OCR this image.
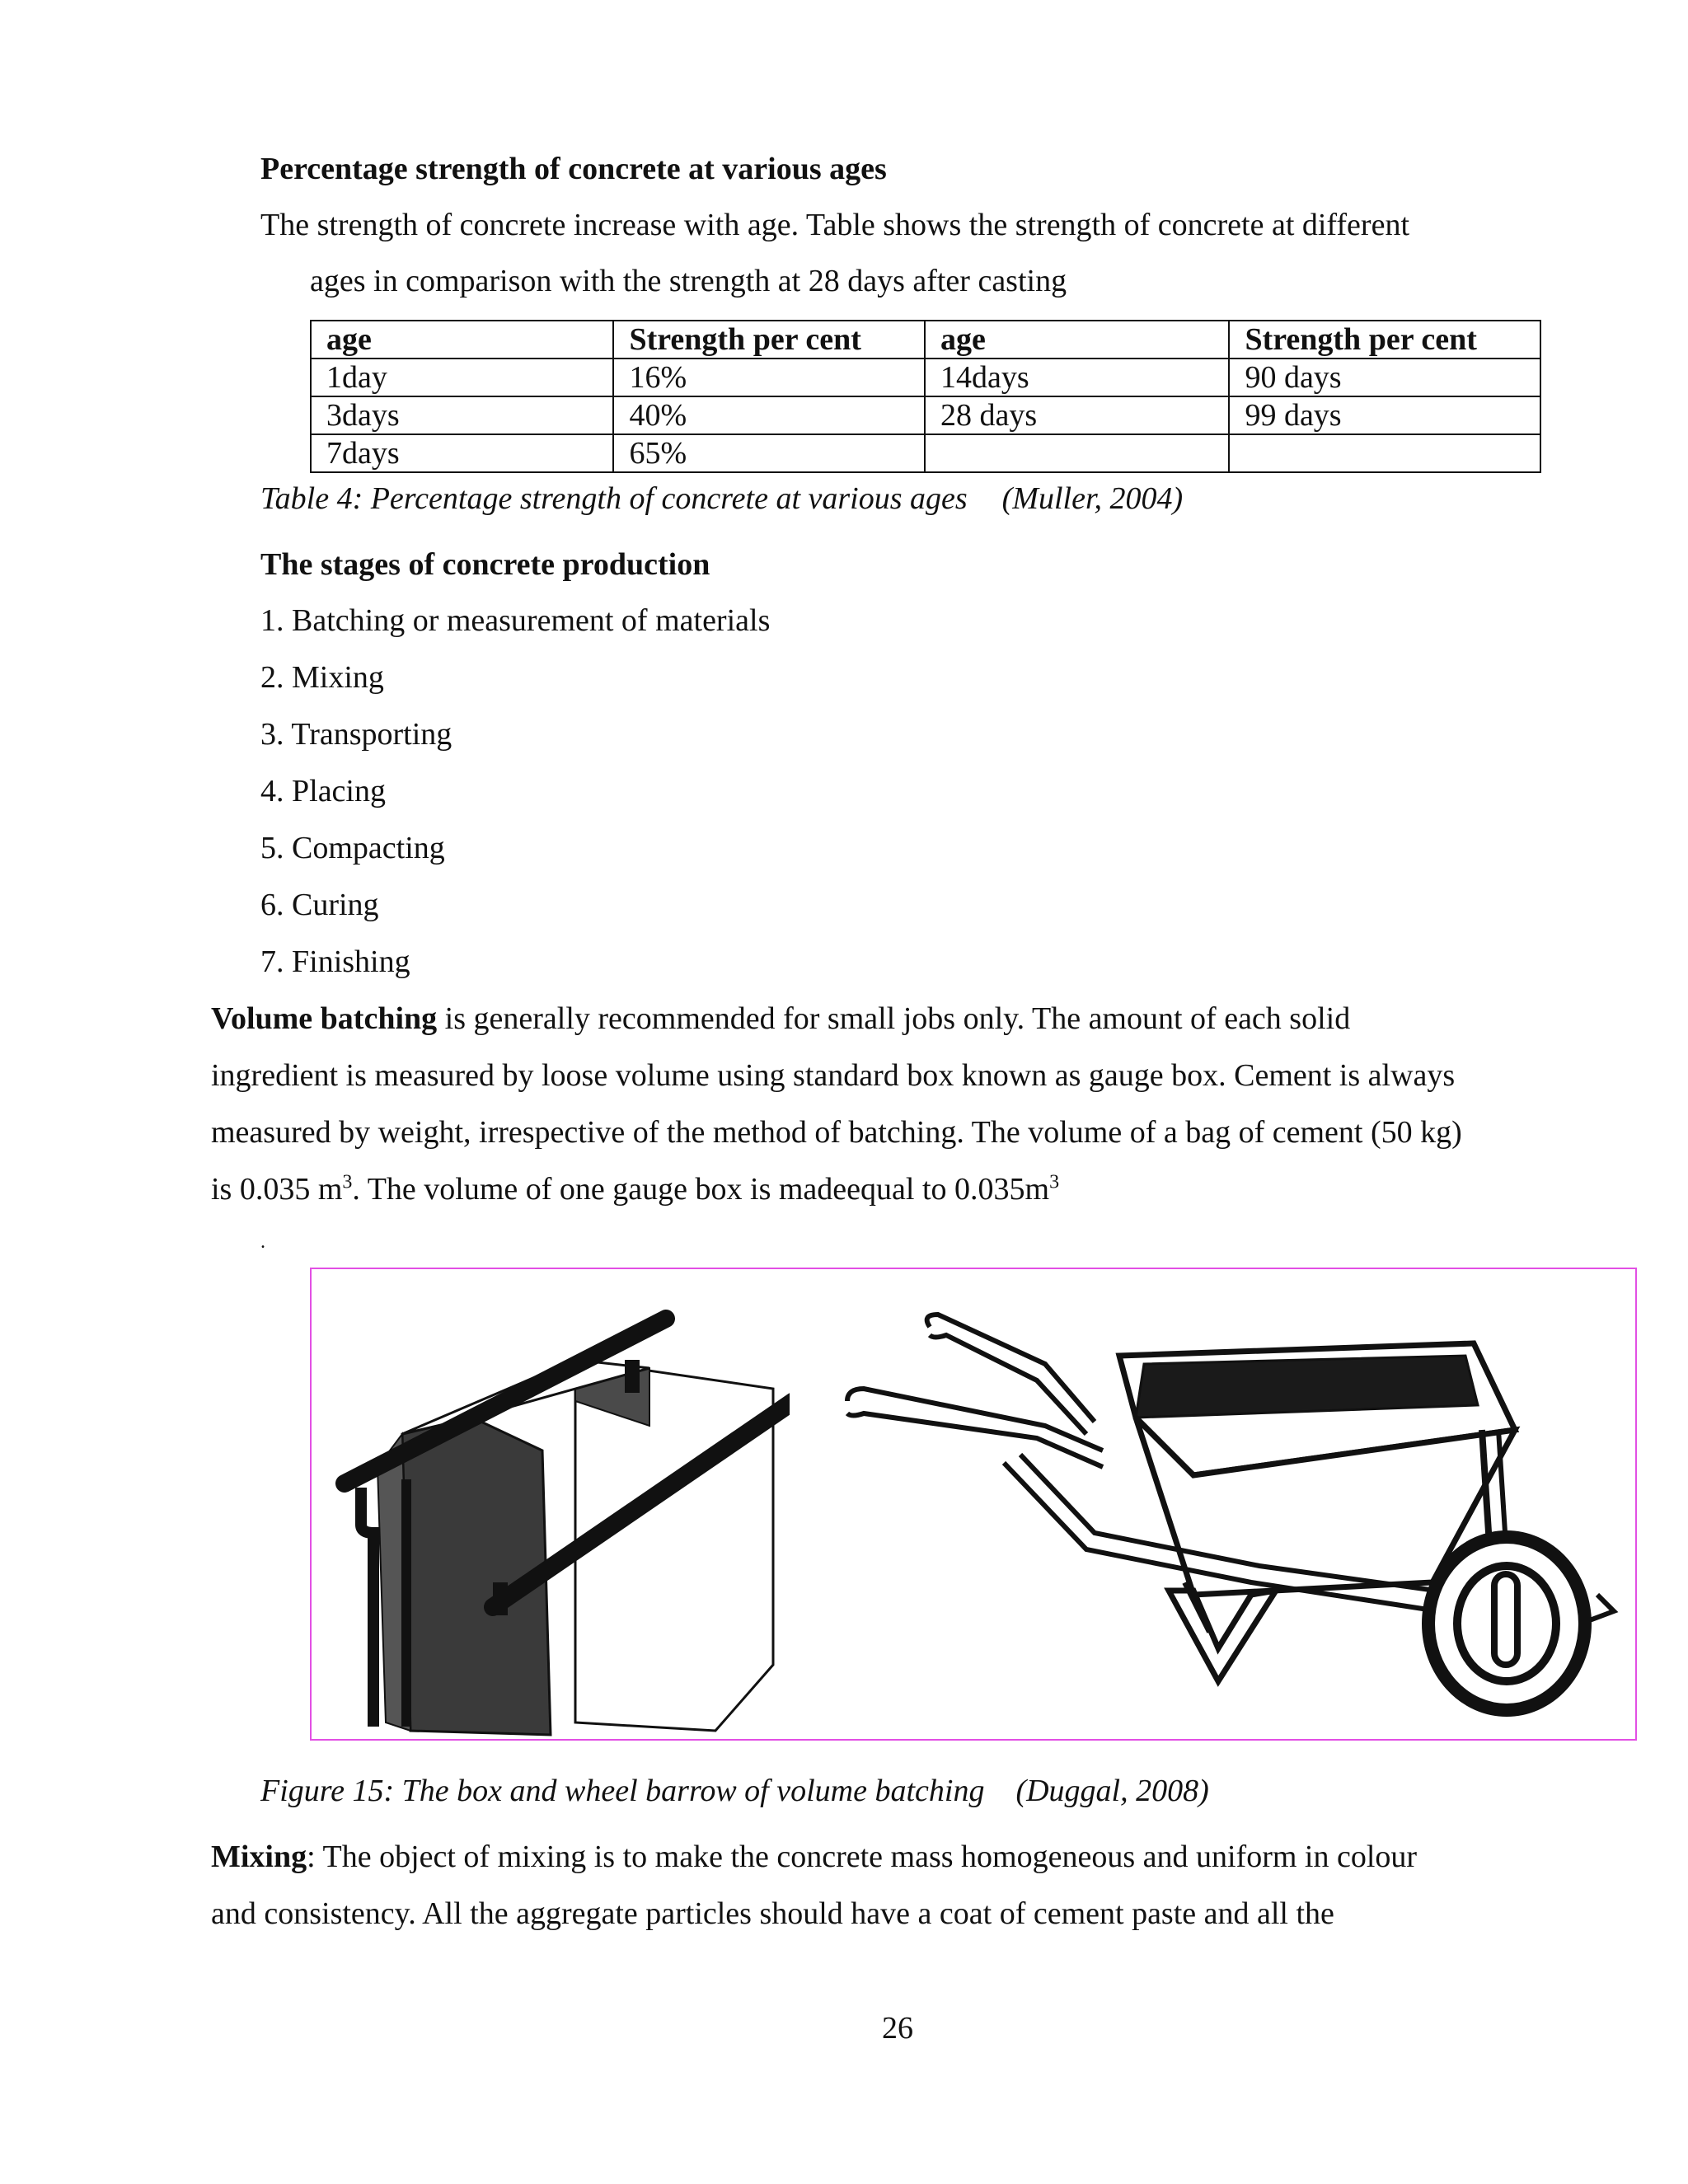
Percentage strength of concrete at various ages
The strength of concrete increase with age. Table shows the strength of concrete at different
ages in comparison with the strength at 28 days after casting
age	Strength per cent	age	Strength per cent
1day	16%	14days	90 days
3days	40%	28 days	99 days
7days	65%		
Table 4: Percentage strength of concrete at various ages (Muller, 2004)
The stages of concrete production
1. Batching or measurement of materials
2. Mixing
3. Transporting
4. Placing
5. Compacting
6. Curing
7. Finishing
Volume batching is generally recommended for small jobs only. The amount of each solid
ingredient is measured by loose volume using standard box known as gauge box. Cement is always
measured by weight, irrespective of the method of batching. The volume of a bag of cement (50 kg)
is 0.035 $m^3$. The volume of one gauge box is madeequal to $0.035m^3$
.
Figure 15: The box and wheel barrow of volume batching (Duggal, 2008)
Mixing: The object of mixing is to make the concrete mass homogeneous and uniform in colour
and consistency. All the aggregate particles should have a coat of cement paste and all the
26
